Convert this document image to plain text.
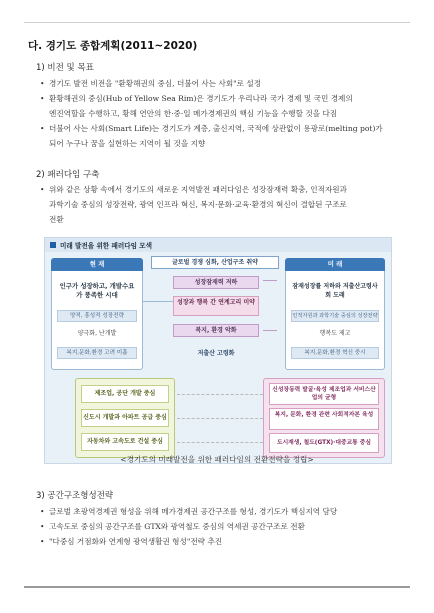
다. 경기도 종합계획(2011~2020)
1) 비전 및 목표
• 경기도 발전 비전을 "환황해권의 중심, 더불어 사는 사회"로 설정
• 환황해권의 중심(Hub of Yellow Sea Rim)은 경기도가 우리나라 국가 경제 및 국민 경제의
엔진역할을 수행하고, 황해 연안의 한·중·일 메가경제권의 핵심 기능을 수행할 것을 다짐
• 더불어 사는 사회(Smart Life)는 경기도가 계층, 출신지역, 국적에 상관없이 용광로(melting pot)가
되어 누구나 꿈을 실현하는 지역이 될 것을 지향
2) 패러다임 구축
• 위와 같은 상황 속에서 경기도의 새로운 지역발전 패러다임은 성장잠재력 확충, 인적자원과
과학기술 중심의 성장전략, 광역 인프라 혁신, 복지·문화·교육·환경의 혁신이 결합된 구조로
전환
미래 발전을 위한 패러다임 모색
현 재
인구가 성장하고, 개발수요가 풍족한 시대
양적, 흥성적 성장전략
양극화, 난개발
복지,문화,환경 고려 미흡
글로벌 경쟁 심화, 산업구조 취약
성장잠재력 저하
성장과 행복 간 연계고리 미약
복지, 환경 악화
저출산 고령화
미 래
잠재성장률 저하와 저출산고령사회 도래
인적자원과 과학기술 중심의 성장전략
행복도 제고
복지,문화,환경 혁신 중시
제조업, 공단 개발 중심
신도시 개발과 아파트 공급 중심
자동차와 고속도로 건설 중심
신성장동력 발굴·육성 제조업과 서비스산업의 균형
복지, 문화, 환경 관련 사회적자본 육성
도시재생, 철도(GTX)·대중교통 중심
<경기도의 미래발전을 위한 패러다임의 전환전략을 정립>
3) 공간구조형성전략
• 글로벌 초광역경제권 형성을 위해 메가경제권 공간구조를 형성, 경기도가 핵심지역 담당
• 고속도로 중심의 공간구조를 GTX와 광역철도 중심의 역세권 공간구조로 전환
• "다중심 거점화와 연계형 광역생활권 형성"전략 추진
